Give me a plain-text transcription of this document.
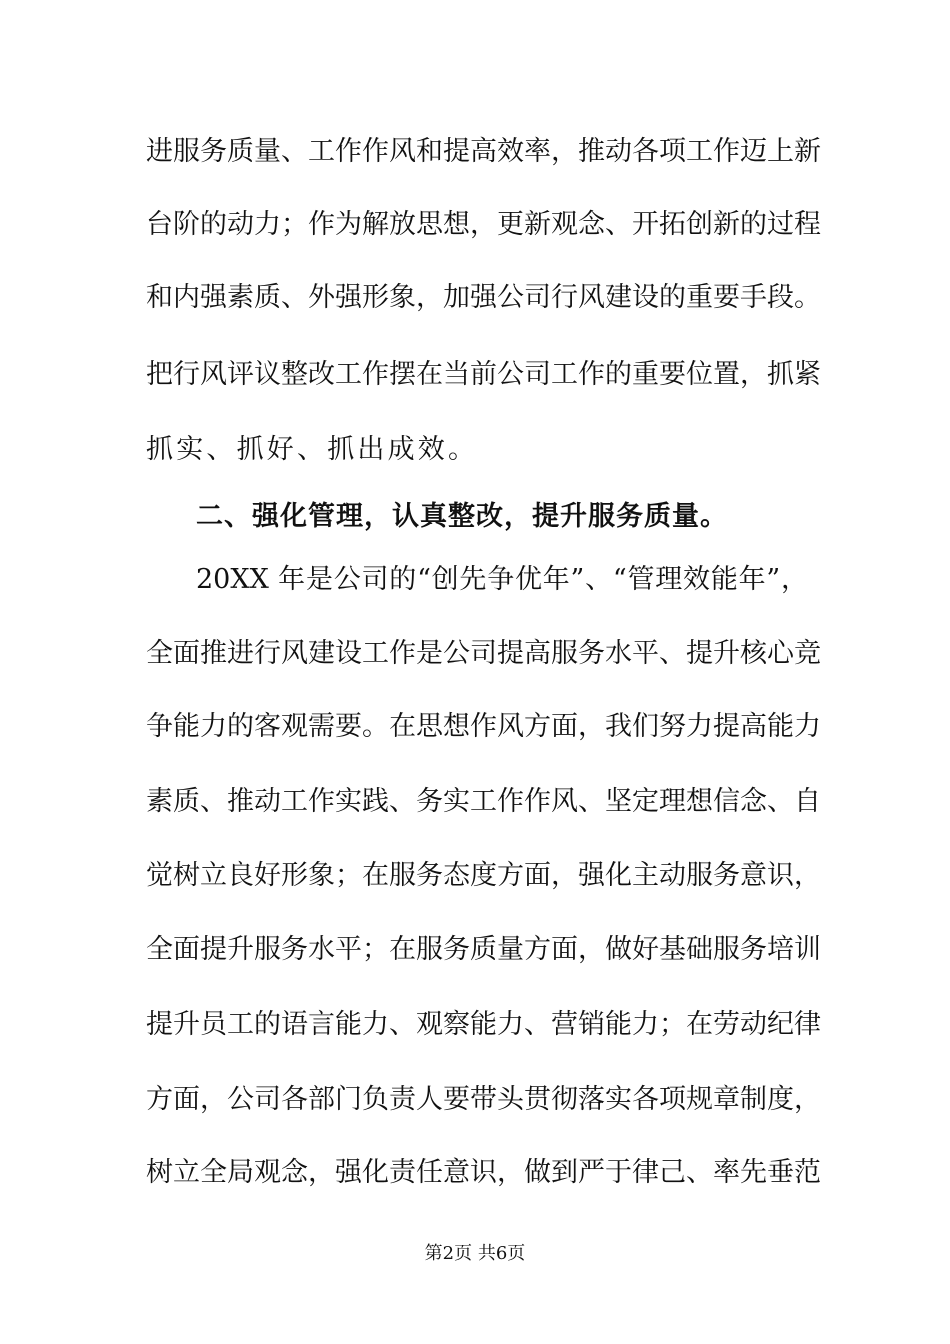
进服务质量、工作作风和提高效率，推动各项工作迈上新
台阶的动力；作为解放思想，更新观念、开拓创新的过程
和内强素质、外强形象，加强公司行风建设的重要手段。
把行风评议整改工作摆在当前公司工作的重要位置，抓紧
抓实、抓好、抓出成效。
二、强化管理，认真整改，提升服务质量。
20XX 年是公司的“创先争优年”、“管理效能年”，
全面推进行风建设工作是公司提高服务水平、提升核心竞
争能力的客观需要。在思想作风方面，我们努力提高能力
素质、推动工作实践、务实工作作风、坚定理想信念、自
觉树立良好形象；在服务态度方面，强化主动服务意识，
全面提升服务水平；在服务质量方面，做好基础服务培训
提升员工的语言能力、观察能力、营销能力；在劳动纪律
方面，公司各部门负责人要带头贯彻落实各项规章制度，
树立全局观念，强化责任意识，做到严于律己、率先垂范
第2页 共6页
